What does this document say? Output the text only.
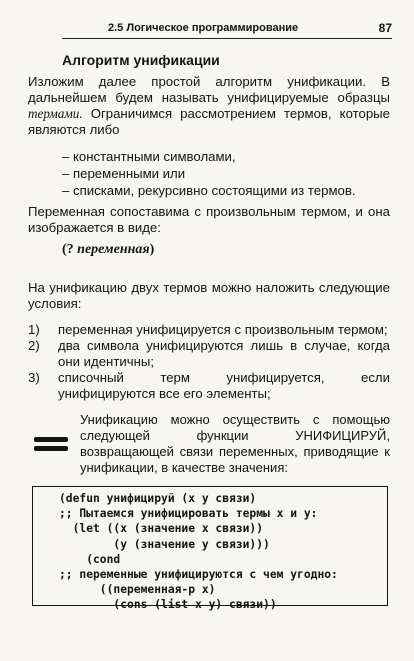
2.5 Логическое программирование	87
Алгоритм унификации
Изложим далее простой алгоритм унификации. В дальнейшем будем называть унифицируемые образцы термами. Ограничимся рассмотрением термов, которые являются либо
– константными символами,
– переменными или
– списками, рекурсивно состоящими из термов.
Переменная сопоставима с произвольным термом, и она изображается в виде:
(? переменная)
На унификацию двух термов можно наложить следующие условия:
1) переменная унифицируется с произвольным термом;
2) два символа унифицируются лишь в случае, когда они идентичны;
3) списочный терм унифицируется, если унифицируются все его элементы;
Унификацию можно осуществить с помощью следующей функции УНИФИЦИРУЙ, возвращающей связи переменных, приводящие к унификации, в качестве значения:
(defun унифицируй (x y связи)
;; Пытаемся унифицировать термы x и y:
(let ((x (значение x связи))
(y (значение y связи)))
(cond
;; переменные унифицируются с чем угодно:
((переменная-p x)
(cons (list x y) связи))
